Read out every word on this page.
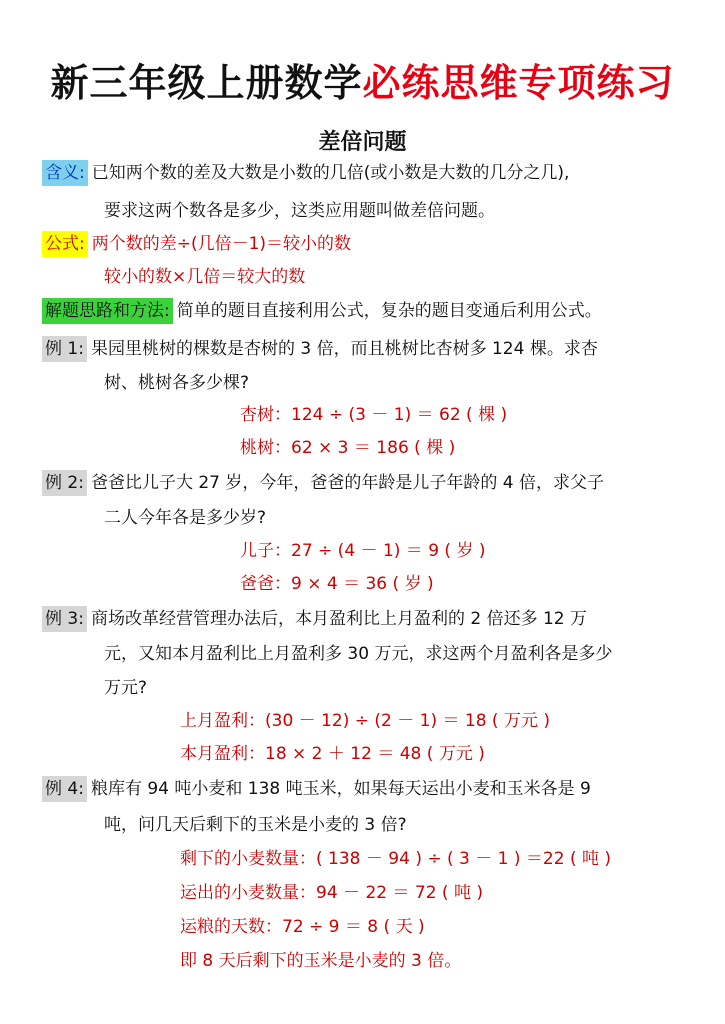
新三年级上册数学必练思维专项练习
差倍问题
含义: 已知两个数的差及大数是小数的几倍(或小数是大数的几分之几),
要求这两个数各是多少，这类应用题叫做差倍问题。
公式: 两个数的差÷(几倍－1)＝较小的数
较小的数×几倍＝较大的数
解题思路和方法: 简单的题目直接利用公式，复杂的题目变通后利用公式。
例 1: 果园里桃树的棵数是杏树的 3 倍，而且桃树比杏树多 124 棵。求杏
树、桃树各多少棵?
杏树：124 ÷ (3 － 1) ＝ 62 ( 棵 )
桃树：62 × 3 ＝ 186 ( 棵 )
例 2: 爸爸比儿子大 27 岁，今年，爸爸的年龄是儿子年龄的 4 倍，求父子
二人今年各是多少岁?
儿子：27 ÷ (4 － 1) ＝ 9 ( 岁 )
爸爸：9 × 4 ＝ 36 ( 岁 )
例 3: 商场改革经营管理办法后，本月盈利比上月盈利的 2 倍还多 12 万
元，又知本月盈利比上月盈利多 30 万元，求这两个月盈利各是多少
万元?
上月盈利：(30 － 12) ÷ (2 － 1) ＝ 18 ( 万元 )
本月盈利：18 × 2 ＋ 12 ＝ 48 ( 万元 )
例 4: 粮库有 94 吨小麦和 138 吨玉米，如果每天运出小麦和玉米各是 9
吨，问几天后剩下的玉米是小麦的 3 倍?
剩下的小麦数量：( 138 － 94 ) ÷ ( 3 － 1 ) ＝22 ( 吨 )
运出的小麦数量：94 － 22 ＝ 72 ( 吨 )
运粮的天数：72 ÷ 9 ＝ 8 ( 天 )
即 8 天后剩下的玉米是小麦的 3 倍。
